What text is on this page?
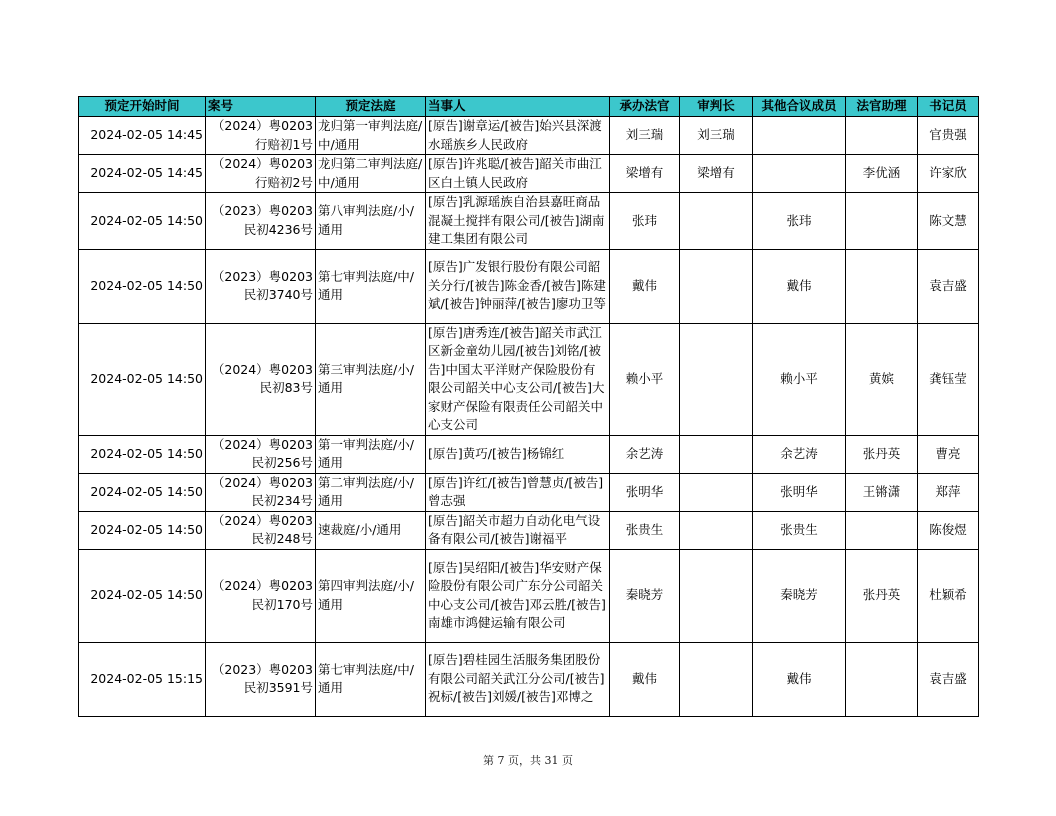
预定开始时间	案号	预定法庭	当事人	承办法官	审判长	其他合议成员	法官助理	书记员
2024-02-05 14:45	（2024）粤0203行赔初1号	龙归第一审判法庭/中/通用	[原告]谢章运/[被告]始兴县深渡水瑶族乡人民政府	刘三瑞	刘三瑞			官贵强
2024-02-05 14:45	（2024）粤0203行赔初2号	龙归第二审判法庭/中/通用	[原告]许兆聪/[被告]韶关市曲江区白土镇人民政府	梁增有	梁增有		李优涵	许家欣
2024-02-05 14:50	（2023）粤0203民初4236号	第八审判法庭/小/通用	[原告]乳源瑶族自治县嘉旺商品混凝土搅拌有限公司/[被告]湖南建工集团有限公司	张玮		张玮		陈文慧
2024-02-05 14:50	（2023）粤0203民初3740号	第七审判法庭/中/通用	[原告]广发银行股份有限公司韶关分行/[被告]陈金香/[被告]陈建斌/[被告]钟丽萍/[被告]廖功卫等	戴伟		戴伟		袁吉盛
2024-02-05 14:50	（2024）粤0203民初83号	第三审判法庭/小/通用	[原告]唐秀连/[被告]韶关市武江区新金童幼儿园/[被告]刘铭/[被告]中国太平洋财产保险股份有限公司韶关中心支公司/[被告]大家财产保险有限责任公司韶关中心支公司	赖小平		赖小平	黄嫔	龚钰莹
2024-02-05 14:50	（2024）粤0203民初256号	第一审判法庭/小/通用	[原告]黄巧/[被告]杨锦红	余艺涛		余艺涛	张丹英	曹亮
2024-02-05 14:50	（2024）粤0203民初234号	第二审判法庭/小/通用	[原告]许红/[被告]曾慧贞/[被告]曾志强	张明华		张明华	王锵潇	郑萍
2024-02-05 14:50	（2024）粤0203民初248号	速裁庭/小/通用	[原告]韶关市超力自动化电气设备有限公司/[被告]谢福平	张贵生		张贵生		陈俊煜
2024-02-05 14:50	（2024）粤0203民初170号	第四审判法庭/小/通用	[原告]吴绍阳/[被告]华安财产保险股份有限公司广东分公司韶关中心支公司/[被告]邓云胜/[被告]南雄市鸿健运输有限公司	秦晓芳		秦晓芳	张丹英	杜颖希
2024-02-05 15:15	（2023）粤0203民初3591号	第七审判法庭/中/通用	[原告]碧桂园生活服务集团股份有限公司韶关武江分公司/[被告]祝标/[被告]刘媛/[被告]邓博之	戴伟		戴伟		袁吉盛
第 7 页，共 31 页
